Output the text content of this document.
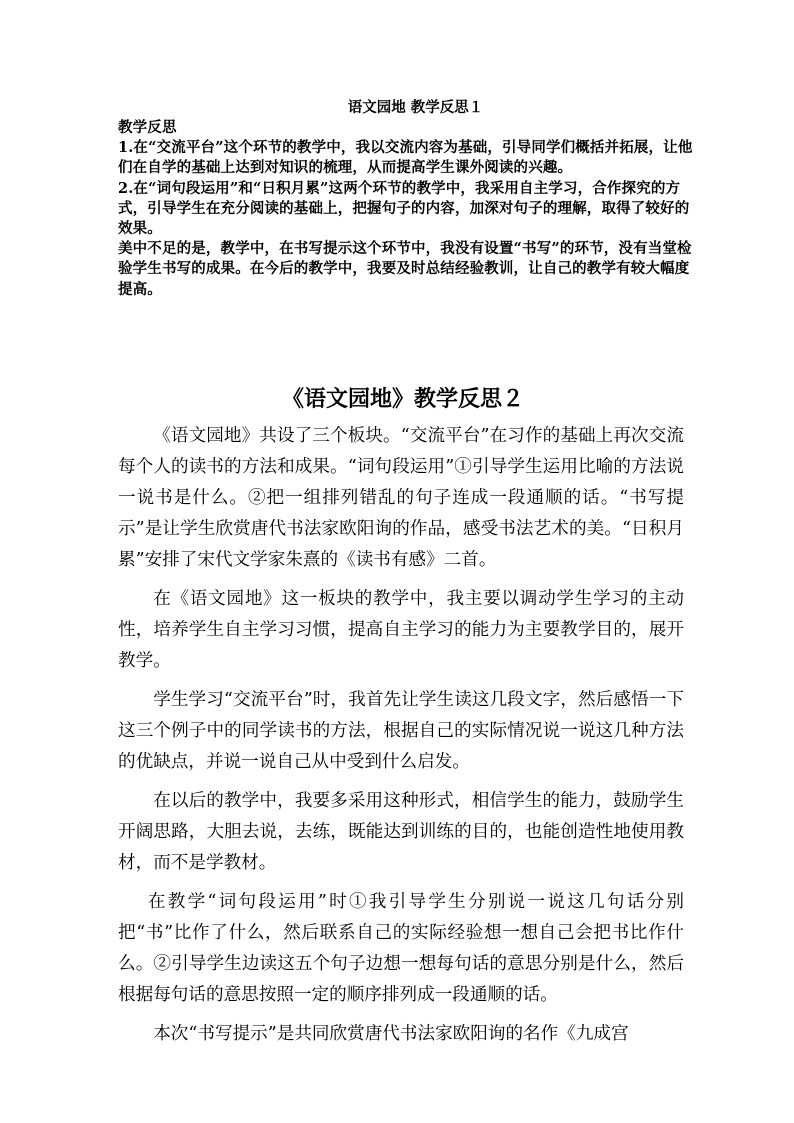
语文园地 教学反思１

教学反思

1.在“交流平台”这个环节的教学中，我以交流内容为基础，引导同学们概括并拓展，让他们在自学的基础上达到对知识的梳理，从而提高学生课外阅读的兴趣。

2.在“词句段运用”和“日积月累”这两个环节的教学中，我采用自主学习，合作探究的方式，引导学生在充分阅读的基础上，把握句子的内容，加深对句子的理解，取得了较好的效果。

美中不足的是，教学中，在书写提示这个环节中，我没有设置“书写”的环节，没有当堂检验学生书写的成果。在今后的教学中，我要及时总结经验教训，让自己的教学有较大幅度提高。

《语文园地》教学反思２

《语文园地》共设了三个板块。“交流平台”在习作的基础上再次交流每个人的读书的方法和成果。“词句段运用”①引导学生运用比喻的方法说一说书是什么。②把一组排列错乱的句子连成一段通顺的话。“书写提示”是让学生欣赏唐代书法家欧阳询的作品，感受书法艺术的美。“日积月累”安排了宋代文学家朱熹的《读书有感》二首。

在《语文园地》这一板块的教学中，我主要以调动学生学习的主动性，培养学生自主学习习惯，提高自主学习的能力为主要教学目的，展开教学。

学生学习“交流平台”时，我首先让学生读这几段文字，然后感悟一下这三个例子中的同学读书的方法，根据自己的实际情况说一说这几种方法的优缺点，并说一说自己从中受到什么启发。

在以后的教学中，我要多采用这种形式，相信学生的能力，鼓励学生开阔思路，大胆去说，去练，既能达到训练的目的，也能创造性地使用教材，而不是学教材。

在教学“词句段运用”时①我引导学生分别说一说这几句话分别把“书”比作了什么，然后联系自己的实际经验想一想自己会把书比作什么。②引导学生边读这五个句子边想一想每句话的意思分别是什么，然后根据每句话的意思按照一定的顺序排列成一段通顺的话。

本次“书写提示”是共同欣赏唐代书法家欧阳询的名作《九成宫
